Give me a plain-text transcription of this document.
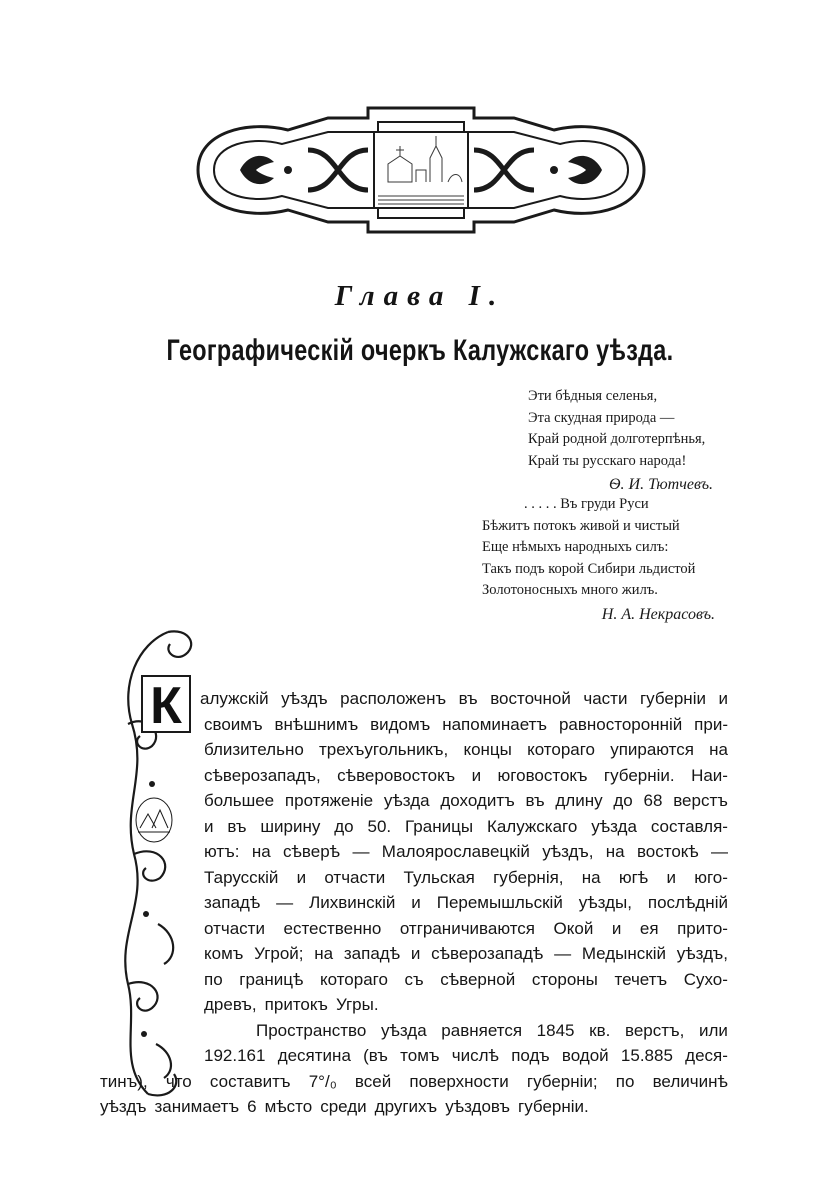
Глава I.
Географическій очеркъ Калужскаго уѣзда.
Эти бѣдныя селенья,
Эта скудная природа —
Край родной долготерпѣнья,
Край ты русскаго народа!
Ѳ. И. Тютчевъ.
. . . . . Въ груди Руси
Бѣжитъ потокъ живой и чистый
Еще нѣмыхъ народныхъ силъ:
Такъ подъ корой Сибири льдистой
Золотоносныхъ много жилъ.
Н. А. Некрасовъ.
К алужскій уѣздъ расположенъ въ восточной части губерніи и
своимъ внѣшнимъ видомъ напоминаетъ равносторонній при-
близительно трехъугольникъ, концы котораго упираются на
сѣверозападъ, сѣверовостокъ и юговостокъ губерніи. Наи-
большее протяженіе уѣзда доходитъ въ длину до 68 верстъ
и въ ширину до 50. Границы Калужскаго уѣзда составля-
ютъ: на сѣверѣ — Малоярославецкій уѣздъ, на востокѣ —
Тарусскій и отчасти Тульская губернія, на югѣ и юго-
западѣ — Лихвинскій и Перемышльскій уѣзды, послѣдній
отчасти естественно отграничиваются Окой и ея прито-
комъ Угрой; на западѣ и сѣверозападѣ — Медынскій уѣздъ,
по границѣ котораго съ сѣверной стороны течетъ Сухо-
древъ, притокъ Угры.
Пространство уѣзда равняется 1845 кв. верстъ, или
192.161 десятина (въ томъ числѣ подъ водой 15.885 деся-
тинъ), что составитъ 7°/₀ всей поверхности губерніи; по величинѣ
уѣздъ занимаетъ 6 мѣсто среди другихъ уѣздовъ губерніи.
